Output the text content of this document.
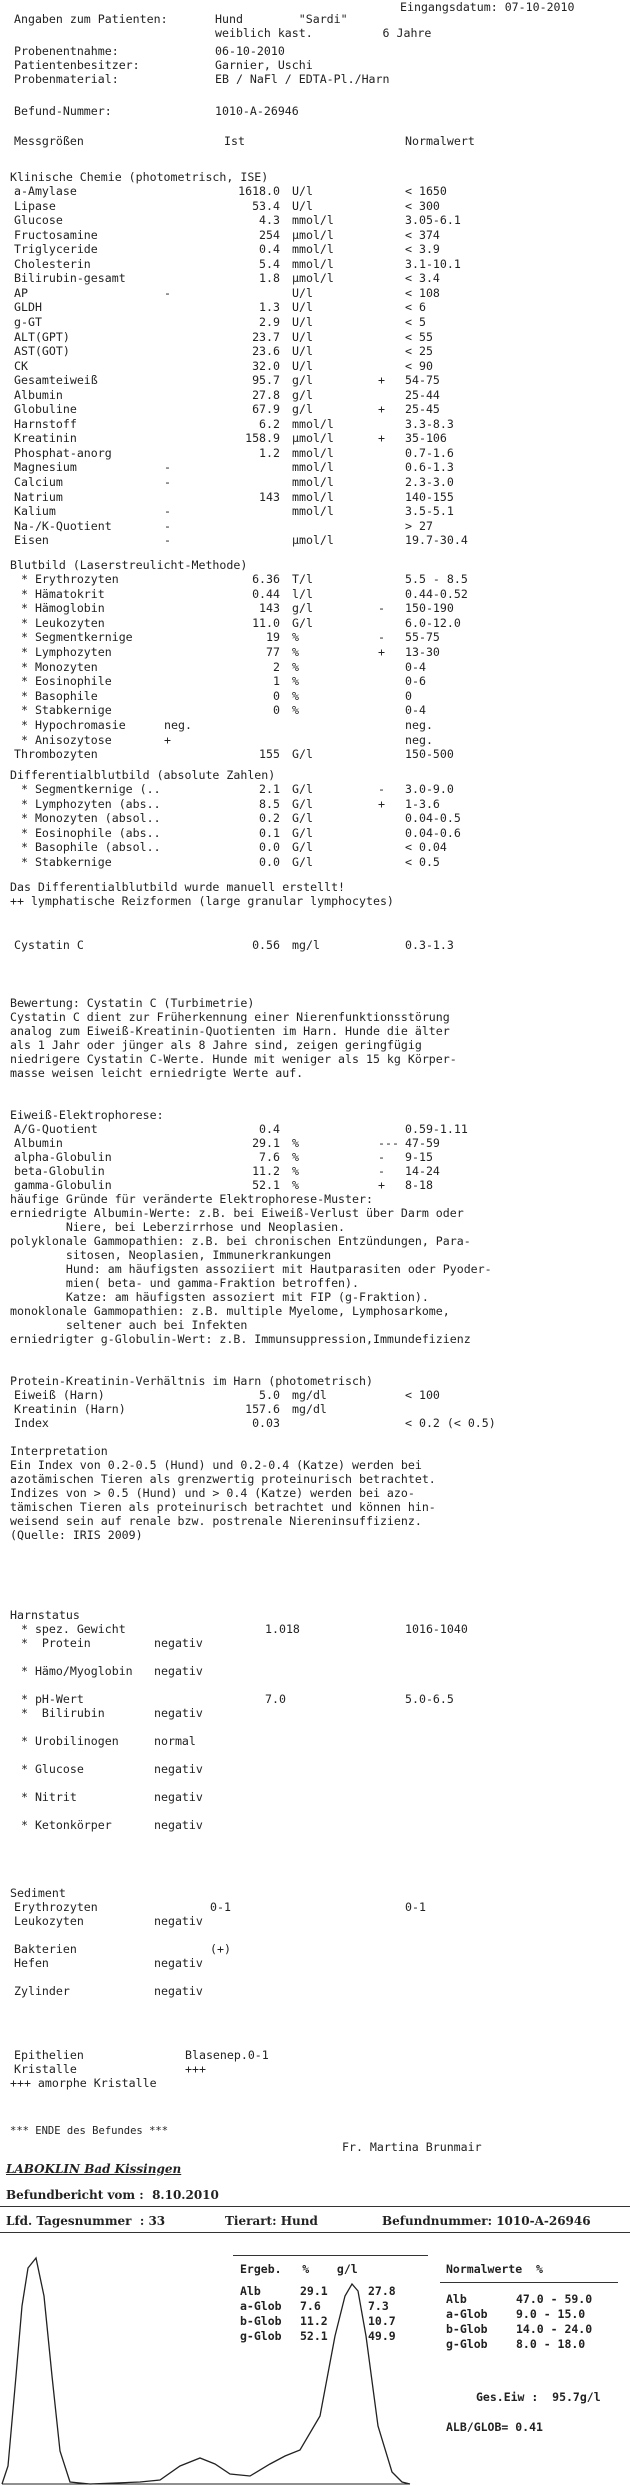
Eingangsdatum: 07-10-2010
Angaben zum Patienten:	Hund        "Sardi"
weiblich kast.          6 Jahre
Probenentnahme:	06-10-2010
Patientenbesitzer:	Garnier, Uschi
Probenmaterial:	EB / NaFl / EDTA-Pl./Harn
Befund-Nummer:	1010-A-26946

Messgrößen

	Ist

	Normalwert

Klinische Chemie (photometrisch, ISE)
a-Amylase	1618.0 U/l	< 1650
Lipase	53.4 U/l	< 300
Glucose	4.3 mmol/l	3.05-6.1
Fructosamine	254 µmol/l	< 374
Triglyceride	0.4 mmol/l	< 3.9
Cholesterin	5.4 mmol/l	3.1-10.1
Bilirubin-gesamt	1.8 µmol/l	< 3.4
AP	-	U/l	< 108
GLDH	1.3 U/l	< 6
g-GT	2.9 U/l	< 5
ALT(GPT)	23.7 U/l	< 55
AST(GOT)	23.6 U/l	< 25
CK	32.0 U/l	< 90
Gesamteiweiß	95.7 g/l	+ 54-75
Albumin	27.8 g/l	25-44
Globuline	67.9 g/l	+ 25-45
Harnstoff	6.2 mmol/l	3.3-8.3
Kreatinin	158.9 µmol/l	+ 35-106
Phosphat-anorg	1.2 mmol/l	0.7-1.6
Magnesium	-	mmol/l	0.6-1.3
Calcium	-	mmol/l	2.3-3.0
Natrium	143 mmol/l	140-155
Kalium	-	mmol/l	3.5-5.1
Na-/K-Quotient	-	> 27
Eisen	-	µmol/l	19.7-30.4
Blutbild (Laserstreulicht-Methode)
* Erythrozyten	6.36 T/l	5.5 - 8.5
* Hämatokrit	0.44 l/l	0.44-0.52
* Hämoglobin	143 g/l	- 150-190
* Leukozyten	11.0 G/l	6.0-12.0
* Segmentkernige	19 %	- 55-75
* Lymphozyten	77 %	+ 13-30
* Monozyten	2 %	0-4
* Eosinophile	1 %	0-6
* Basophile	0 %	0
* Stabkernige	0 %	0-4
* Hypochromasie	neg.	neg.
* Anisozytose	+	neg.
Thrombozyten	155 G/l	150-500
Differentialblutbild (absolute Zahlen)
* Segmentkernige (..	2.1 G/l	- 3.0-9.0
* Lymphozyten (abs..	8.5 G/l	+ 1-3.6
* Monozyten (absol..	0.2 G/l	0.04-0.5
* Eosinophile (abs..	0.1 G/l	0.04-0.6
* Basophile (absol..	0.0 G/l	< 0.04
* Stabkernige	0.0 G/l	< 0.5
Das Differentialblutbild wurde manuell erstellt!
++ lymphatische Reizformen (large granular lymphocytes)
Cystatin C	0.56 mg/l	0.3-1.3
Bewertung: Cystatin C (Turbimetrie)
Cystatin C dient zur Früherkennung einer Nierenfunktionsstörung
analog zum Eiweiß-Kreatinin-Quotienten im Harn. Hunde die älter
als 1 Jahr oder jünger als 8 Jahre sind, zeigen geringfügig
niedrigere Cystatin C-Werte. Hunde mit weniger als 15 kg Körper-
masse weisen leicht erniedrigte Werte auf.
Eiweiß-Elektrophorese:
A/G-Quotient	0.4	0.59-1.11
Albumin	29.1 %	--- 47-59
alpha-Globulin	7.6 %	- 9-15
beta-Globulin	11.2 %	- 14-24
gamma-Globulin	52.1 %	+ 8-18
häufige Gründe für veränderte Elektrophorese-Muster:
erniedrigte Albumin-Werte: z.B. bei Eiweiß-Verlust über Darm oder
Niere, bei Leberzirrhose und Neoplasien.
polyklonale Gammopathien: z.B. bei chronischen Entzündungen, Para-
sitosen, Neoplasien, Immunerkrankungen
Hund: am häufigsten assoziiert mit Hautparasiten oder Pyoder-
mien( beta- und gamma-Fraktion betroffen).
Katze: am häufigsten assoziert mit FIP (g-Fraktion).
monoklonale Gammopathien: z.B. multiple Myelome, Lymphosarkome,
seltener auch bei Infekten
erniedrigter g-Globulin-Wert: z.B. Immunsuppression,Immundefizienz
Protein-Kreatinin-Verhältnis im Harn (photometrisch)
Eiweiß (Harn)	5.0 mg/dl	< 100
Kreatinin (Harn)	157.6 mg/dl
Index	0.03	< 0.2 (< 0.5)
Interpretation
Ein Index von 0.2-0.5 (Hund) und 0.2-0.4 (Katze) werden bei
azotämischen Tieren als grenzwertig proteinurisch betrachtet.
Indizes von > 0.5 (Hund) und > 0.4 (Katze) werden bei azo-
tämischen Tieren als proteinurisch betrachtet und können hin-
weisend sein auf renale bzw. postrenale Niereninsuffizienz.
(Quelle: IRIS 2009)
Harnstatus
* spez. Gewicht	1.018	1016-1040
*  Protein	negativ
* Hämo/Myoglobin negativ
* pH-Wert	7.0	5.0-6.5
*  Bilirubin	negativ
* Urobilinogen	normal
* Glucose	negativ
* Nitrit	negativ
* Ketonkörper	negativ
Sediment
Erythrozyten	0-1	0-1
Leukozyten	negativ
Bakterien	(+)
Hefen	negativ
Zylinder	negativ
Epithelien	Blasenep.0-1
Kristalle	+++
+++ amorphe Kristalle
*** ENDE des Befundes ***
Fr. Martina Brunmair
LABOKLIN Bad Kissingen
Befundbericht vom :  8.10.2010
Lfd. Tagesnummer  : 33	Tierart: Hund	Befundnummer: 1010-A-26946
Ergeb.   %    g/l
Alb	29.1	27.8
a-Glob 7.6	7.3
b-Glob 11.2	10.7
g-Glob 52.1	49.9
Normalwerte  %
Alb	47.0 - 59.0
a-Glob 9.0 - 15.0
b-Glob 14.0 - 24.0
g-Glob 8.0 - 18.0
Ges.Eiw :  95.7g/l
ALB/GLOB= 0.41
